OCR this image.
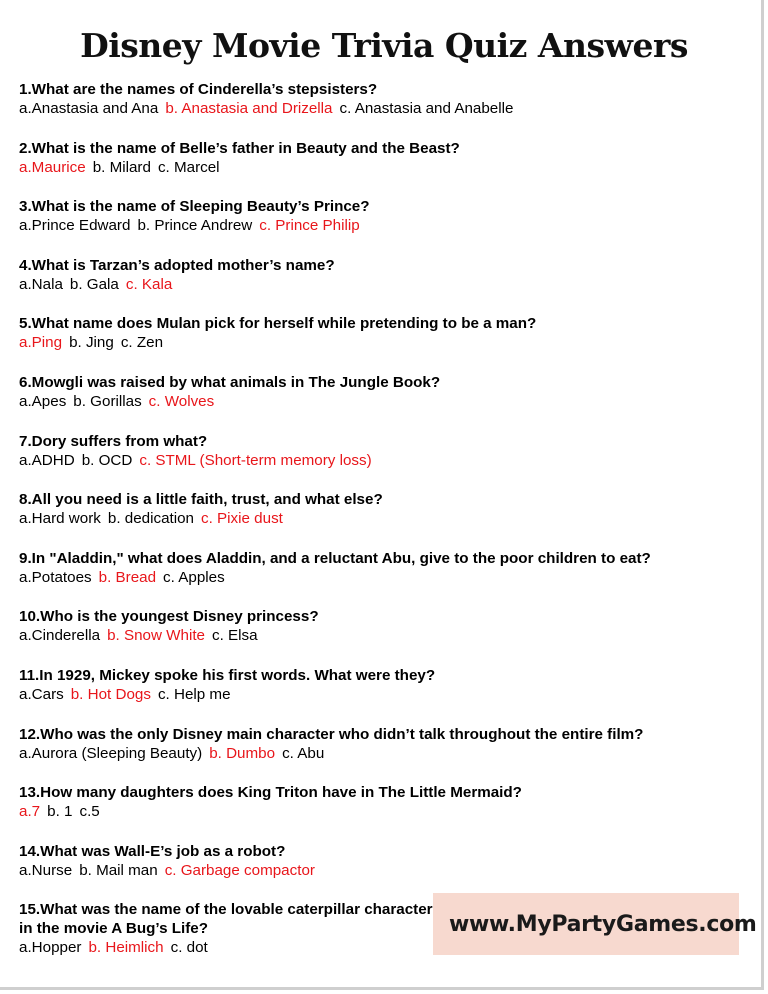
Disney Movie Trivia Quiz Answers
1.What are the names of Cinderella’s stepsisters?
a.Anastasia and Ana b. Anastasia and Drizella c. Anastasia and Anabelle
2.What is the name of Belle’s father in Beauty and the Beast?
a.Maurice b. Milard c. Marcel
3.What is the name of Sleeping Beauty’s Prince?
a.Prince Edward b. Prince Andrew c. Prince Philip
4.What is Tarzan’s adopted mother’s name?
a.Nala b. Gala c. Kala
5.What name does Mulan pick for herself while pretending to be a man?
a.Ping b. Jing c. Zen
6.Mowgli was raised by what animals in The Jungle Book?
a.Apes b. Gorillas c. Wolves
7.Dory suffers from what?
a.ADHD b. OCD c. STML (Short-term memory loss)
8.All you need is a little faith, trust, and what else?
a.Hard work b. dedication c. Pixie dust
9.In "Aladdin," what does Aladdin, and a reluctant Abu, give to the poor children to eat?
a.Potatoes b. Bread c. Apples
10.Who is the youngest Disney princess?
a.Cinderella b. Snow White c. Elsa
11.In 1929, Mickey spoke his first words. What were they?
a.Cars b. Hot Dogs c. Help me
12.Who was the only Disney main character who didn’t talk throughout the entire film?
a.Aurora (Sleeping Beauty) b. Dumbo c. Abu
13.How many daughters does King Triton have in The Little Mermaid?
a.7 b. 1 c.5
14.What was Wall-E’s job as a robot?
a.Nurse b. Mail man c. Garbage compactor
15.What was the name of the lovable caterpillar character in the movie A Bug’s Life?
a.Hopper b. Heimlich c. dot
www.MyPartyGames.com
